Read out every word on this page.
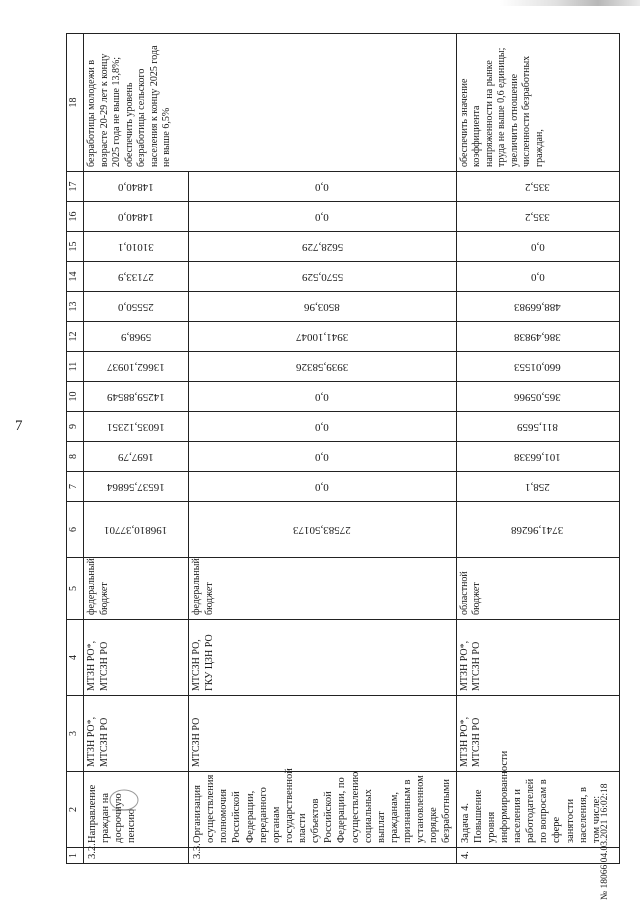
7
1	2	3	4	5	6	7	8	9	10	11	12	13	14	15	16	17	18
3.2.	Направление граждан на досрочную пенсию	МТЗН РО*, МТСЗН РО	МТЗН РО*, МТСЗН РО	федеральный бюджет	196810,37701	16537,56864	1697,79	16035,12351	14259,88549	13662,10937	5968,9	25550,0	27133,9	31010,1	14840,0	14840,0	безработицы молодежи в возрасте 20-29 лет к концу 2025 года не выше 13,8%; обеспечить уровень безработицы сельского населения к концу 2025 года не выше 6,5%
3.3.	Организация осуществления полномочия Российской Федерации, переданного органам государственной власти субъектов Российской Федерации, по осуществлению социальных выплат гражданам, признанным в установленном порядке безработными	МТСЗН РО	МТСЗН РО, ГКУ ЦЗН РО	федеральный бюджет	27583,50173	0,0	0,0	0,0	0,0	3939,58326	3941,10047	8503,96	5570,529	5628,729	0,0	0,0	

4.	Задача 4. Повышение уровня информированности населения и работодателей по вопросам в сфере занятости населения, в том числе:	МТЗН РО*, МТСЗН РО	МТЗН РО*, МТСЗН РО	областной бюджет	3741,96268	258,1	101,66338	811,5659	365,05966	660,01553	386,49838	488,66983	0,0	0,0	335,2	335,2	обеспечить значение коэффициента напряженности на рынке труда не выше 0,6 единицы; увеличить отношение численности безработных граждан,
№ 18066 04.03.2021 16:02:18
